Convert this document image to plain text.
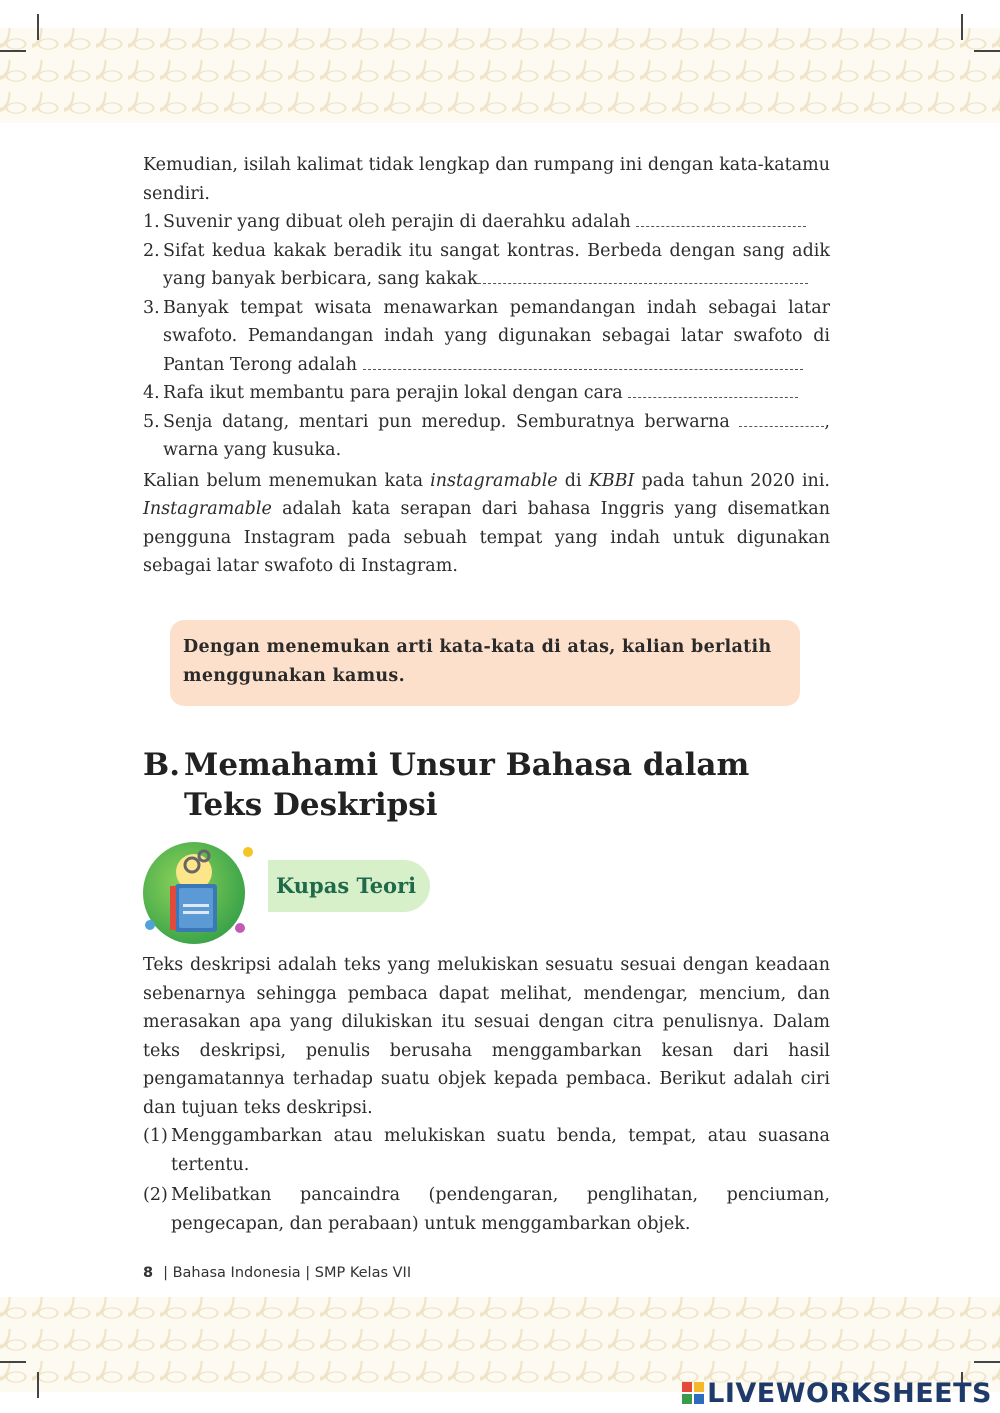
Kemudian, isilah kalimat tidak lengkap dan rumpang ini dengan kata-katamu sendiri.

1. Suvenir yang dibuat oleh perajin di daerahku adalah
2. Sifat kedua kakak beradik itu sangat kontras. Berbeda dengan sang adik yang banyak berbicara, sang kakak
3. Banyak tempat wisata menawarkan pemandangan indah sebagai latar swafoto. Pemandangan indah yang digunakan sebagai latar swafoto di Pantan Terong adalah
4. Rafa ikut membantu para perajin lokal dengan cara
5. Senja datang, mentari pun meredup. Semburatnya berwarna	, warna yang kusuka.

Kalian belum menemukan kata instagramable di KBBI pada tahun 2020 ini. Instagramable adalah kata serapan dari bahasa Inggris yang disematkan pengguna Instagram pada sebuah tempat yang indah untuk digunakan sebagai latar swafoto di Instagram.

Dengan menemukan arti kata-kata di atas, kalian berlatih menggunakan kamus.

B. Memahami Unsur Bahasa dalam Teks Deskripsi
Kupas Teori

Teks deskripsi adalah teks yang melukiskan sesuatu sesuai dengan keadaan sebenarnya sehingga pembaca dapat melihat, mendengar, mencium, dan merasakan apa yang dilukiskan itu sesuai dengan citra penulisnya. Dalam teks deskripsi, penulis berusaha menggambarkan kesan dari hasil pengamatannya terhadap suatu objek kepada pembaca. Berikut adalah ciri dan tujuan teks deskripsi.

(1) Menggambarkan atau melukiskan suatu benda, tempat, atau suasana tertentu.
(2) Melibatkan pancaindra (pendengaran, penglihatan, penciuman, pengecapan, dan perabaan) untuk menggambarkan objek.
8 | Bahasa Indonesia | SMP Kelas VII
LIVEWORKSHEETS
